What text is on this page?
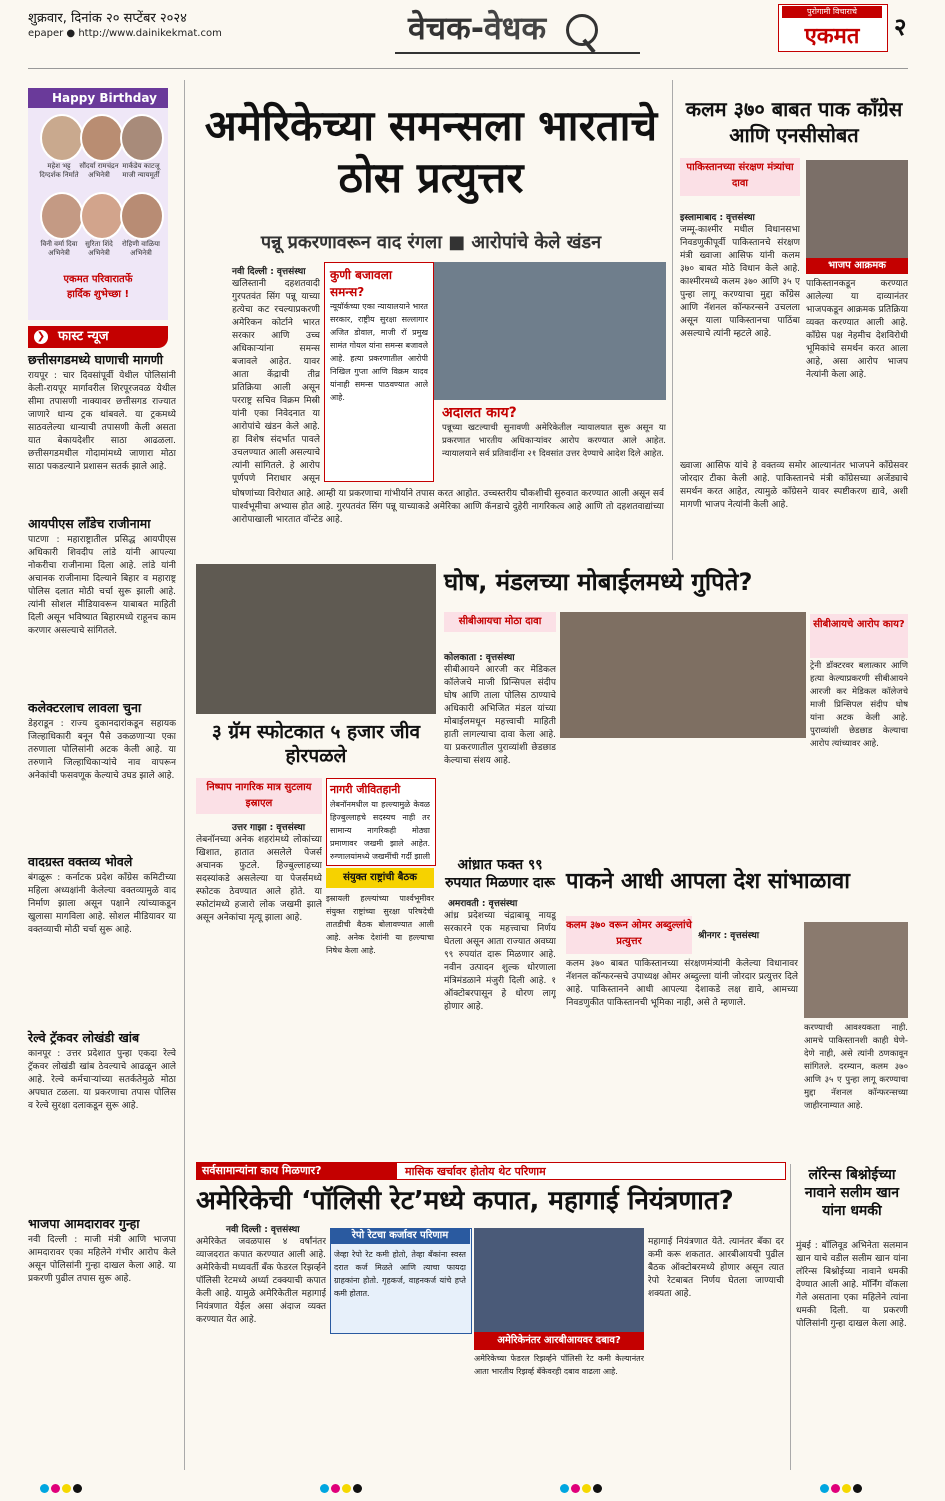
शुक्रवार, दिनांक २० सप्टेंबर २०२४
epaper ● http://www.dainikekmat.com	वेचक-वेधक	पुरोगामी विचाराचे
एकमत	२
Happy Birthday
महेश भट्ट
दिग्दर्शक निर्माते
सौंदर्या रामचंद्रन
अभिनेत्री
मार्कंडेय काटजू
माजी न्यायमूर्ती
विनी वर्मा दिवा
अभिनेत्री
सुरिता शिंदे
अभिनेत्री
रोहिणी वाळिया
अभिनेत्री
एकमत परिवारातर्फे
हार्दिक शुभेच्छा !
फास्ट न्यूज
❯
छत्तीसगडमध्ये घाणाची मागणी
रायपूर : चार दिवसांपूर्वी येथील पोलिसांनी केली-रायपूर मार्गावरील शिरपूरजवळ येथील सीमा तपासणी नाक्यावर छत्तीसगड राज्यात जाणारे धान्य ट्रक थांबवले. या ट्रकमध्ये साठवलेल्या धान्याची तपासणी केली असता यात बेकायदेशीर साठा आढळला. छत्तीसगडमधील गोदामांमध्ये जाणारा मोठा साठा पकडल्याने प्रशासन सतर्क झाले आहे.
आयपीएस लाँडेच राजीनामा
पाटणा : महाराष्ट्रातील प्रसिद्ध आयपीएस अधिकारी शिवदीप लांडे यांनी आपल्या नोकरीचा राजीनामा दिला आहे. लांडे यांनी अचानक राजीनामा दिल्याने बिहार व महाराष्ट्र पोलिस दलात मोठी चर्चा सुरू झाली आहे. त्यांनी सोशल मीडियावरून याबाबत माहिती दिली असून भविष्यात बिहारमध्ये राहूनच काम करणार असल्याचे सांगितले.
कलेक्टरलाच लावला चुना
डेहराडून : राज्य दुकानदारांकडून सहायक जिल्हाधिकारी बनून पैसे उकळणाऱ्या एका तरुणाला पोलिसांनी अटक केली आहे. या तरुणाने जिल्हाधिकाऱ्यांचे नाव वापरून अनेकांची फसवणूक केल्याचे उघड झाले आहे.
वादग्रस्त वक्तव्य भोवले
बंगळूरू : कर्नाटक प्रदेश काँग्रेस कमिटीच्या महिला अध्यक्षांनी केलेल्या वक्तव्यामुळे वाद निर्माण झाला असून पक्षाने त्यांच्याकडून खुलासा मागविला आहे. सोशल मीडियावर या वक्तव्याची मोठी चर्चा सुरू आहे.
रेल्वे ट्रॅकवर लोखंडी खांब
कानपूर : उत्तर प्रदेशात पुन्हा एकदा रेल्वे ट्रॅकवर लोखंडी खांब ठेवल्याचे आढळून आले आहे. रेल्वे कर्मचाऱ्यांच्या सतर्कतेमुळे मोठा अपघात टळला. या प्रकरणाचा तपास पोलिस व रेल्वे सुरक्षा दलाकडून सुरू आहे.
भाजपा आमदारावर गुन्हा
नवी दिल्ली : माजी मंत्री आणि भाजपा आमदारावर एका महिलेने गंभीर आरोप केले असून पोलिसांनी गुन्हा दाखल केला आहे. या प्रकरणी पुढील तपास सुरू आहे.
अमेरिकेच्या समन्सला भारताचे ठोस प्रत्युत्तर
पन्नू प्रकरणावरून वाद रंगला ■ आरोपांचे केले खंडन
नवी दिल्ली : वृत्तसंस्था
खलिस्तानी दहशतवादी गुरपतवंत सिंग पन्नू याच्या हत्येचा कट रचल्याप्रकरणी अमेरिकन कोर्टाने भारत सरकार आणि उच्च अधिकाऱ्यांना समन्स बजावले आहेत. यावर आता केंद्राची तीव्र प्रतिक्रिया आली असून परराष्ट्र सचिव विक्रम मिस्री यांनी एका निवेदनात या आरोपांचे खंडन केले आहे. हा विशेष संदर्भात पावले उचलण्यात आली असल्याचे त्यांनी सांगितले. हे आरोप पूर्णपणे निराधार असून
कुणी बजावला समन्स?
न्यूयॉर्कच्या एका न्यायालयाने भारत सरकार, राष्ट्रीय सुरक्षा सल्लागार अजित डोवाल, माजी रॉ प्रमुख सामंत गोयल यांना समन्स बजावले आहे. हत्या प्रकरणातील आरोपी निखिल गुप्ता आणि विक्रम यादव यांनाही समन्स पाठवण्यात आले आहे.
अदालत काय?
पन्नूच्या खटल्याची सुनावणी अमेरिकेतील न्यायालयात सुरू असून या प्रकरणात भारतीय अधिकाऱ्यांवर आरोप करण्यात आले आहेत. न्यायालयाने सर्व प्रतिवादींना २१ दिवसांत उत्तर देण्याचे आदेश दिले आहेत.
घोषणांच्या विरोधात आहे. आम्ही या प्रकरणाचा गांभीर्याने तपास करत आहोत. उच्चस्तरीय चौकशीची सुरुवात करण्यात आली असून सर्व पार्श्वभूमीचा अभ्यास होत आहे. गुरपतवंत सिंग पन्नू याच्याकडे अमेरिका आणि कॅनडाचे दुहेरी नागरिकत्व आहे आणि तो दहशतवाद्यांच्या आरोपाखाली भारतात वॉन्टेड आहे.
कलम ३७० बाबत पाक काँग्रेस आणि एनसीसोबत
पाकिस्तानच्या संरक्षण मंत्र्यांचा दावा
इस्लामाबाद : वृत्तसंस्था
जम्मू-काश्मीर मधील विधानसभा निवडणुकीपूर्वी पाकिस्तानचे संरक्षण मंत्री ख्वाजा आसिफ यांनी कलम ३७० बाबत मोठे विधान केले आहे. काश्मीरमध्ये कलम ३७० आणि ३५ ए पुन्हा लागू करण्याचा मुद्दा काँग्रेस आणि नॅशनल कॉन्फरन्सने उचलला असून याला पाकिस्तानचा पाठिंबा असल्याचे त्यांनी म्हटले आहे.
भाजप आक्रमक
पाकिस्तानकडून करण्यात आलेल्या या दाव्यानंतर भाजपकडून आक्रमक प्रतिक्रिया व्यक्त करण्यात आली आहे. काँग्रेस पक्ष नेहमीच देशविरोधी भूमिकांचे समर्थन करत आला आहे, असा आरोप भाजप नेत्यांनी केला आहे.
ख्वाजा आसिफ यांचे हे वक्तव्य समोर आल्यानंतर भाजपने काँग्रेसवर जोरदार टीका केली आहे. पाकिस्तानचे मंत्री काँग्रेसच्या अजेंड्याचे समर्थन करत आहेत, त्यामुळे काँग्रेसने यावर स्पष्टीकरण द्यावे, अशी मागणी भाजप नेत्यांनी केली आहे.
३ ग्रॅम स्फोटकात ५ हजार जीव होरपळले
निष्पाप नागरिक मात्र सुटलाय इस्राएल
उत्तर गाझा : वृत्तसंस्था
लेबनॉनच्या अनेक शहरांमध्ये लोकांच्या खिशात, हातात असलेले पेजर्स अचानक फुटले. हिज्बुल्लाहच्या सदस्यांकडे असलेल्या या पेजर्समध्ये स्फोटक ठेवण्यात आले होते. या स्फोटांमध्ये हजारो लोक जखमी झाले असून अनेकांचा मृत्यू झाला आहे.
नागरी जीवितहानी
लेबनॉनमधील या हल्ल्यामुळे केवळ हिज्बुल्लाहचे सदस्यच नाही तर सामान्य नागरिकही मोठ्या प्रमाणावर जखमी झाले आहेत. रुग्णालयांमध्ये जखमींची गर्दी झाली
संयुक्त राष्ट्रांची बैठक
इस्रायली हल्ल्यांच्या पार्श्वभूमीवर संयुक्त राष्ट्रांच्या सुरक्षा परिषदेची तातडीची बैठक बोलावण्यात आली आहे. अनेक देशांनी या हल्ल्याचा निषेध केला आहे.
घोष, मंडलच्या मोबाईलमध्ये गुपिते?
सीबीआयचा मोठा दावा
कोलकाता : वृत्तसंस्था
सीबीआयने आरजी कर मेडिकल कॉलेजचे माजी प्रिन्सिपल संदीप घोष आणि ताला पोलिस ठाण्याचे अधिकारी अभिजित मंडल यांच्या मोबाईलमधून महत्त्वाची माहिती हाती लागल्याचा दावा केला आहे. या प्रकरणातील पुराव्यांशी छेडछाड केल्याचा संशय आहे.
सीबीआयचे आरोप काय?
ट्रेनी डॉक्टरवर बलात्कार आणि हत्या केल्याप्रकरणी सीबीआयने आरजी कर मेडिकल कॉलेजचे माजी प्रिन्सिपल संदीप घोष यांना अटक केली आहे. पुराव्यांशी छेडछाड केल्याचा आरोप त्यांच्यावर आहे.
आंध्रात फक्त ९९ रुपयात मिळणार दारू
अमरावती : वृत्तसंस्था
आंध्र प्रदेशच्या चंद्राबाबू नायडू सरकारने एक महत्त्वाचा निर्णय घेतला असून आता राज्यात अवघ्या ९९ रुपयांत दारू मिळणार आहे. नवीन उत्पादन शुल्क धोरणाला मंत्रिमंडळाने मंजुरी दिली आहे. १ ऑक्टोबरपासून हे धोरण लागू होणार आहे.
पाकने आधी आपला देश सांभाळावा
कलम ३७० वरून ओमर अब्दुल्लांचे प्रत्युत्तर	श्रीनगर : वृत्तसंस्था
कलम ३७० बाबत पाकिस्तानच्या संरक्षणमंत्र्यांनी केलेल्या विधानावर नॅशनल कॉन्फरन्सचे उपाध्यक्ष ओमर अब्दुल्ला यांनी जोरदार प्रत्युत्तर दिले आहे. पाकिस्तानने आधी आपल्या देशाकडे लक्ष द्यावे, आमच्या निवडणुकीत पाकिस्तानची भूमिका नाही, असे ते म्हणाले.
करण्याची आवश्यकता नाही. आमचे पाकिस्तानशी काही घेणे-देणे नाही, असे त्यांनी ठणकावून सांगितले. दरम्यान, कलम ३७० आणि ३५ ए पुन्हा लागू करण्याचा मुद्दा नॅशनल कॉन्फरन्सच्या जाहीरनाम्यात आहे.
सर्वसामान्यांना काय मिळणार?	मासिक खर्चावर होतोय थेट परिणाम
अमेरिकेची ‘पॉलिसी रेट’मध्ये कपात, महागाई नियंत्रणात?
नवी दिल्ली : वृत्तसंस्था
अमेरिकेत जवळपास ४ वर्षांनंतर व्याजदरात कपात करण्यात आली आहे. अमेरिकेची मध्यवर्ती बँक फेडरल रिझर्व्हने पॉलिसी रेटमध्ये अर्ध्या टक्क्याची कपात केली आहे. यामुळे अमेरिकेतील महागाई नियंत्रणात येईल असा अंदाज व्यक्त करण्यात येत आहे.
रेपो रेटचा कर्जावर परिणाम
जेव्हा रेपो रेट कमी होतो, तेव्हा बँकांना स्वस्त दरात कर्ज मिळते आणि त्याचा फायदा ग्राहकांना होतो. गृहकर्ज, वाहनकर्ज यांचे हप्ते कमी होतात.
अमेरिकेनंतर आरबीआयवर दबाव?
अमेरिकेच्या फेडरल रिझर्व्हने पॉलिसी रेट कमी केल्यानंतर आता भारतीय रिझर्व्ह बँकेवरही दबाव वाढला आहे.
महागाई नियंत्रणात येते. त्यानंतर बँका दर कमी करू शकतात. आरबीआयची पुढील बैठक ऑक्टोबरमध्ये होणार असून त्यात रेपो रेटबाबत निर्णय घेतला जाण्याची शक्यता आहे.
लॉरेन्स बिश्नोईच्या नावाने सलीम खान यांना धमकी
मुंबई : बॉलिवूड अभिनेता सलमान खान याचे वडील सलीम खान यांना लॉरेन्स बिश्नोईच्या नावाने धमकी देण्यात आली आहे. मॉर्निंग वॉकला गेले असताना एका महिलेने त्यांना धमकी दिली. या प्रकरणी पोलिसांनी गुन्हा दाखल केला आहे.
